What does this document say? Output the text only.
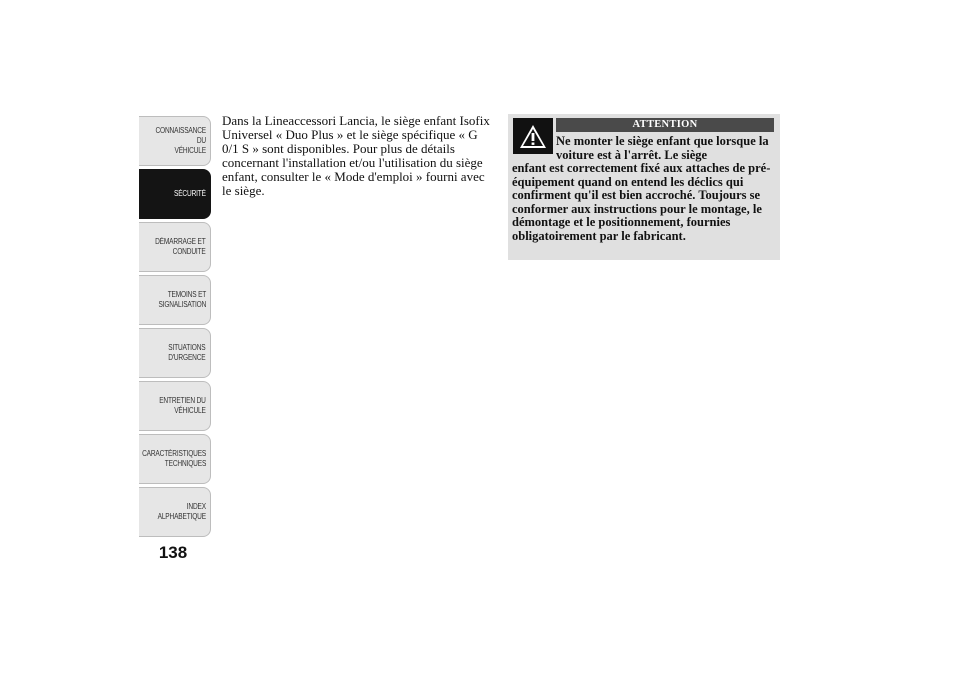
CONNAISSANCE DU
VÉHICULE
SÉCURITÉ
DÉMARRAGE ET
CONDUITE
TEMOINS ET
SIGNALISATION
SITUATIONS
D'URGENCE
ENTRETIEN DU
VÉHICULE
CARACTÉRISTIQUES
TECHNIQUES
INDEX
ALPHABETIQUE
138

Dans la Lineaccessori Lancia, le siège enfant Isofix Universel « Duo Plus » et le siège spécifique « G 0/1 S » sont disponibles. Pour plus de détails concernant l'installation et/ou l'utilisation du siège enfant, consulter le « Mode d'emploi » fourni avec le siège.

ATTENTION
Ne monter le siège enfant que lorsque la voiture est à l'arrêt. Le siège
enfant est correctement fixé aux attaches de pré-équipement quand on entend les déclics qui confirment qu'il est bien accroché. Toujours se conformer aux instructions pour le montage, le démontage et le positionnement, fournies obligatoirement par le fabricant.
